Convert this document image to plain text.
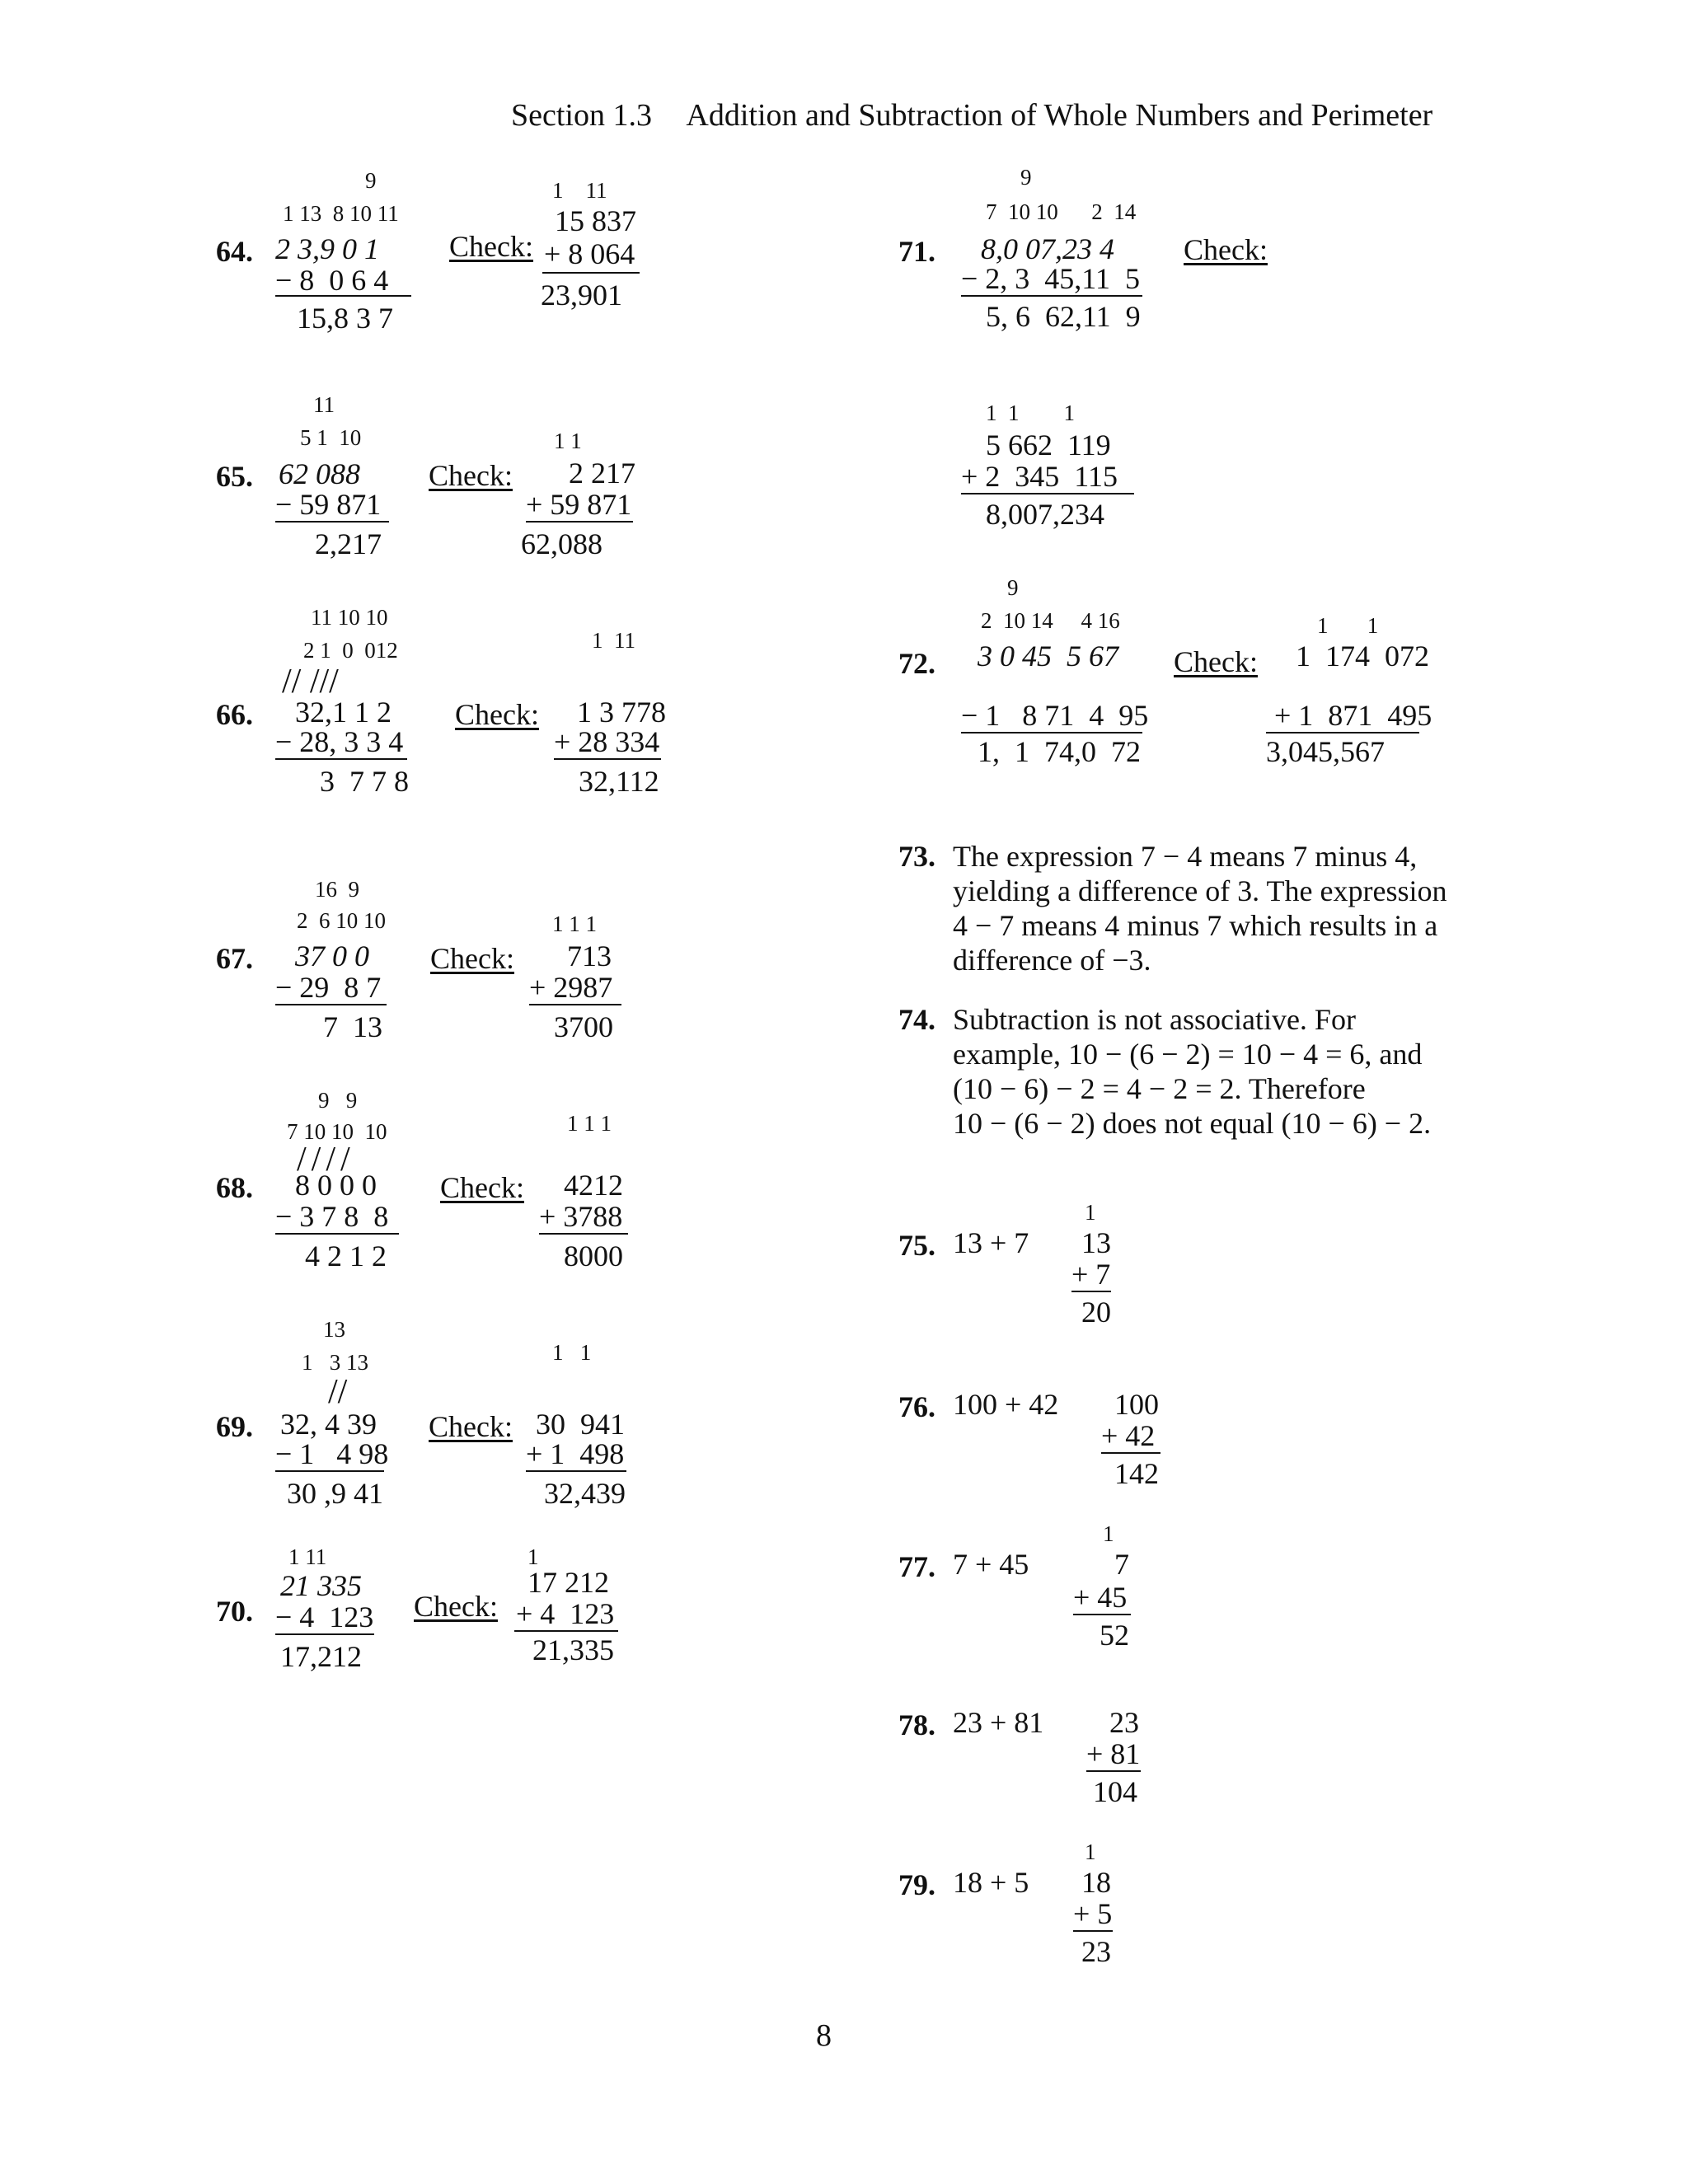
Section 1.3 Addition and Subtraction of Whole Numbers and Perimeter
64.
9
1 13  8 10 11
2 3,9 0 1
− 8  0 6 4
15,8 3 7
Check:
1    11
15 837
+ 8 064
23,901
65.
11
5 1  10
62 088
− 59 871
2,217
Check:
1 1
2 217
+ 59 871
62,088
66.
11 10 10
2 1  0  012
// ///
32,1 1 2
− 28, 3 3 4
3  7 7 8
Check:
1  11
1 3 778
+ 28 334
32,112
67.
16  9
2  6 10 10
37 0 0
− 29  8 7
7  13
Check:
1 1 1
713
+ 2987
3700
68.
9   9
7 10 10  10
////
8 0 0 0
− 3 7 8  8
4 2 1 2
Check:
1 1 1
4212
+ 3788
8000
69.
13
1   3 13
//
32, 4 39
− 1   4 98
30 ,9 41
Check:
1   1
30  941
+ 1  498
32,439
70.
1 11
21 335
− 4  123
17,212
Check:
1
17 212
+ 4  123
21,335
71.
9
7  10 10      2  14
8,0 07,23 4
− 2, 3  45,11  5
5, 6  62,11  9
Check:
1  1        1
5 662  119
+ 2  345  115
8,007,234
72.
9
2  10 14     4 16
3 0 45  5 67
− 1   8 71  4  95
1,  1  74,0  72
Check:
1       1
1  174  072
+ 1  871  495
3,045,567
73. The expression 7 − 4 means 7 minus 4,
yielding a difference of 3. The expression
4 − 7 means 4 minus 7 which results in a
difference of −3.
74. Subtraction is not associative. For
example, 10 − (6 − 2) = 10 − 4 = 6, and
(10 − 6) − 2 = 4 − 2 = 2. Therefore
10 − (6 − 2) does not equal (10 − 6) − 2.
75. 13 + 7
1
13
+ 7
20
76. 100 + 42 100
+ 42
142
77. 7 + 45
1
7
+ 45
52
78. 23 + 81 23
+ 81
104
79. 18 + 5
1
18
+ 5
23
8
